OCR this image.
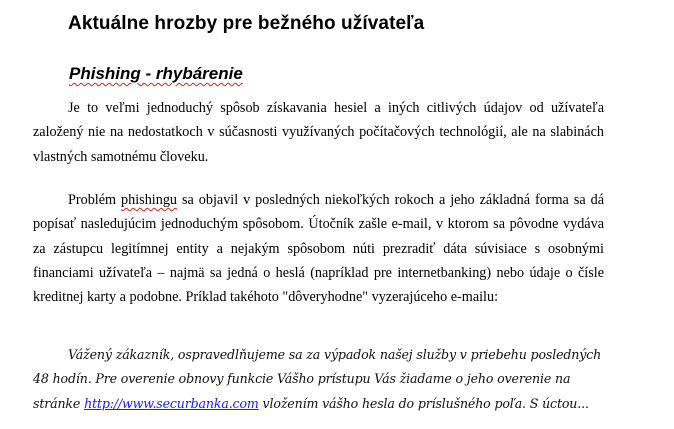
Aktuálne hrozby pre bežného užívateľa
Phishing - rhybárenie

Je to veľmi jednoduchý spôsob získavania hesiel a iných citlivých údajov od užívateľa založený nie na nedostatkoch v súčasnosti využívaných počítačových technológií, ale na slabinách vlastných samotnému človeku.

Problém phishingu sa objavil v posledných niekoľkých rokoch a jeho základná forma sa dá popísať nasledujúcim jednoduchým spôsobom. Útočník zašle e-mail, v ktorom sa pôvodne vydáva za zástupcu legitímnej entity a nejakým spôsobom núti prezradiť dáta súvisiace s osobnými financiami užívateľa – najmä sa jedná o heslá (napríklad pre internetbanking) nebo údaje o čísle kreditnej karty a podobne. Príklad takéhoto "dôveryhodne" vyzerajúceho e-mailu:

Vážený zákazník, ospravedlňujeme sa za výpadok našej služby v priebehu posledných 48 hodín. Pre overenie obnovy funkcie Vášho prístupu Vás žiadame o jeho overenie na stránke http://www.securbanka.com vložením vášho hesla do príslušného poľa. S úctou...
